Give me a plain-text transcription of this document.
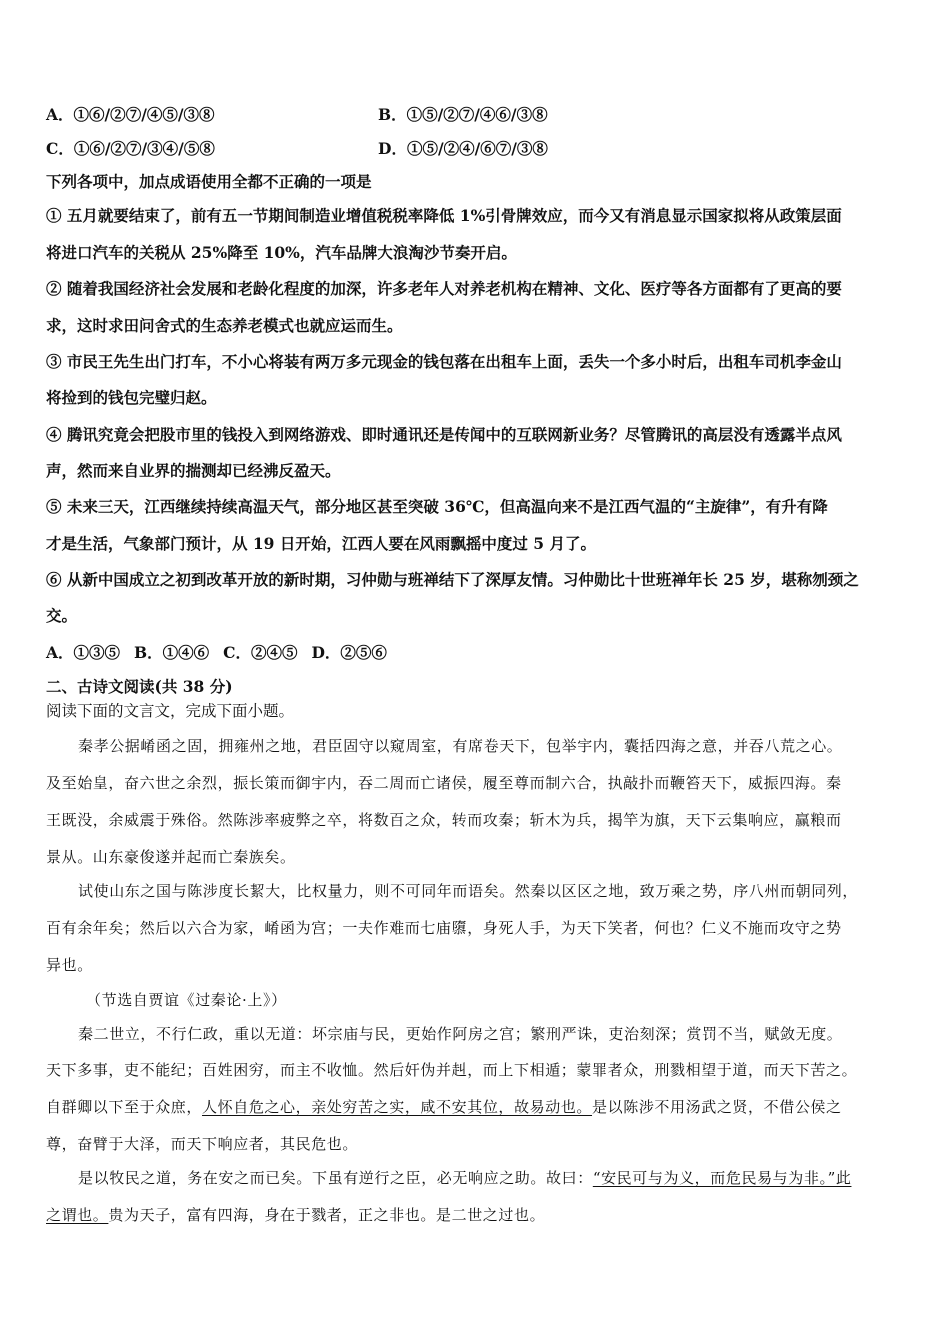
A．①⑥/②⑦/④⑤/③⑧	B．①⑤/②⑦/④⑥/③⑧
C．①⑥/②⑦/③④/⑤⑧	D．①⑤/②④/⑥⑦/③⑧
下列各项中，加点成语使用全都不正确的一项是
① 五月就要结束了，前有五一节期间制造业增值税税率降低 1%引骨牌效应，而今又有消息显示国家拟将从政策层面
将进口汽车的关税从 25%降至 10%，汽车品牌大浪淘沙节奏开启。
② 随着我国经济社会发展和老龄化程度的加深，许多老年人对养老机构在精神、文化、医疗等各方面都有了更高的要
求，这时求田问舍式的生态养老模式也就应运而生。
③ 市民王先生出门打车，不小心将装有两万多元现金的钱包落在出租车上面，丢失一个多小时后，出租车司机李金山
将捡到的钱包完璧归赵。
④ 腾讯究竟会把股市里的钱投入到网络游戏、即时通讯还是传闻中的互联网新业务？尽管腾讯的高层没有透露半点风
声，然而来自业界的揣测却已经沸反盈天。
⑤ 未来三天，江西继续持续高温天气，部分地区甚至突破 36℃，但高温向来不是江西气温的“主旋律”，有升有降
才是生活，气象部门预计，从 19 日开始，江西人要在风雨飘摇中度过 5 月了。
⑥ 从新中国成立之初到改革开放的新时期，习仲勋与班禅结下了深厚友情。习仲勋比十世班禅年长 25 岁，堪称刎颈之
交。
A．①③⑤ B．①④⑥ C．②④⑤ D．②⑤⑥
二、古诗文阅读(共 38 分)
阅读下面的文言文，完成下面小题。
秦孝公据崤函之固，拥雍州之地，君臣固守以窥周室，有席卷天下，包举宇内，囊括四海之意，并吞八荒之心。
及至始皇，奋六世之余烈，振长策而御宇内，吞二周而亡诸侯，履至尊而制六合，执敲扑而鞭笞天下，威振四海。秦
王既没，余威震于殊俗。然陈涉率疲弊之卒，将数百之众，转而攻秦；斩木为兵，揭竿为旗，天下云集响应，赢粮而
景从。山东豪俊遂并起而亡秦族矣。
试使山东之国与陈涉度长絜大，比权量力，则不可同年而语矣。然秦以区区之地，致万乘之势，序八州而朝同列，
百有余年矣；然后以六合为家，崤函为宫；一夫作难而七庙隳，身死人手，为天下笑者，何也？仁义不施而攻守之势
异也。
（节选自贾谊《过秦论·上》）
秦二世立，不行仁政，重以无道：坏宗庙与民，更始作阿房之宫；繁刑严诛，吏治刻深；赏罚不当，赋敛无度。
天下多事，吏不能纪；百姓困穷，而主不收恤。然后奸伪并赳，而上下相遁；蒙罪者众，刑戮相望于道，而天下苦之。
自群卿以下至于众庶，人怀自危之心，亲处穷苦之实，咸不安其位，故易动也。是以陈涉不用汤武之贤，不借公侯之
尊，奋臂于大泽，而天下响应者，其民危也。
是以牧民之道，务在安之而已矣。下虽有逆行之臣，必无响应之助。故曰：“安民可与为义，而危民易与为非。”此
之谓也。贵为天子，富有四海，身在于戮者，正之非也。是二世之过也。
